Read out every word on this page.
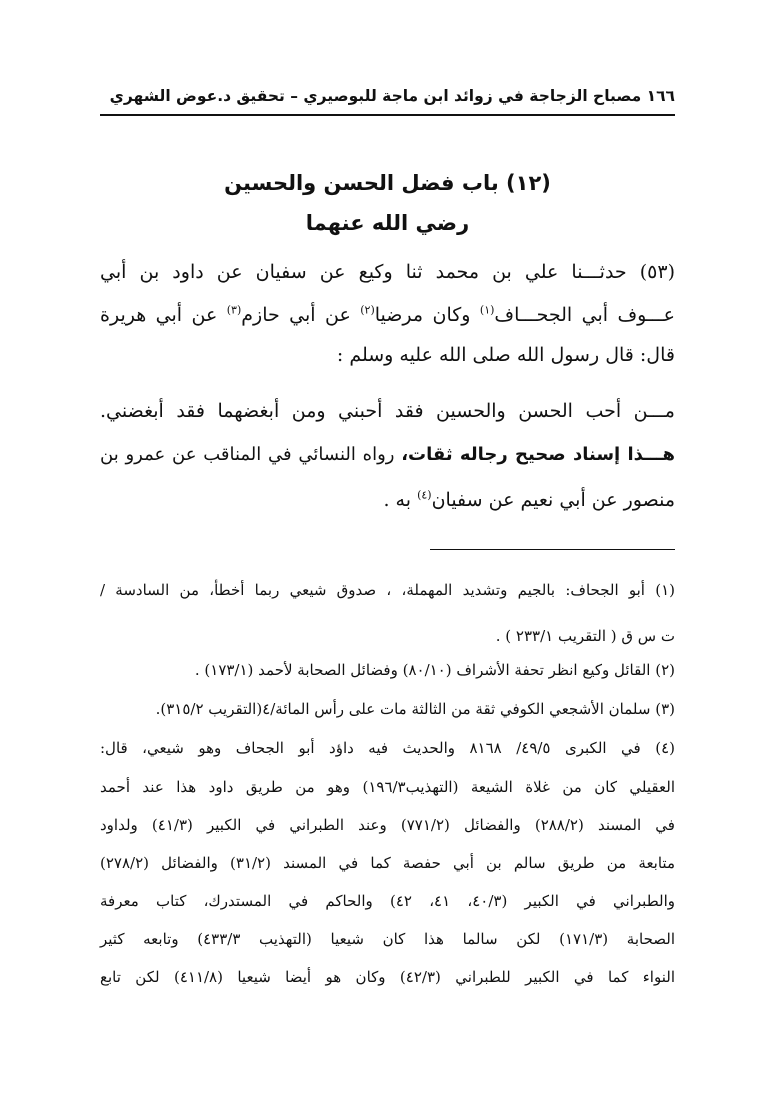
١٦٦ مصباح الزجاجة في زوائد ابن ماجة للبوصيري – تحقيق د.عوض الشهري
(١٢) باب فضل الحسن والحسين
رضي الله عنهما
(٥٣) حدثـــنا علي بن محمد ثنا وكيع عن سفيان عن داود بن أبي
عـــوف أبي الجحـــاف$^{(١)}$ وكان مرضيا$^{(٢)}$ عن أبي حازم$^{(٣)}$ عن أبي هريرة
قال: قال رسول الله صلى الله عليه وسلم :
مـــن أحب الحسن والحسين فقد أحبني ومن أبغضهما فقد أبغضني.
هـــذا إسناد صحيح رجاله ثقات، رواه النسائي في المناقب عن عمرو بن
منصور عن أبي نعيم عن سفيان$^{(٤)}$ به .
(١) أبو الجحاف: بالجيم وتشديد المهملة، ، صدوق شيعي ربما أخطأ، من السادسة /
ت س ق ( التقريب ٢٣٣/١ ) .
(٢) القائل وكيع انظر تحفة الأشراف (٨٠/١٠) وفضائل الصحابة لأحمد (١٧٣/١) .
(٣) سلمان الأشجعي الكوفي ثقة من الثالثة مات على رأس المائة/٤(التقريب ٣١٥/٢).
(٤) في الكبرى ٤٩/٥/ ٨١٦٨ والحديث فيه داؤد أبو الجحاف وهو شيعي، قال:
العقيلي كان من غلاة الشيعة (التهذيب١٩٦/٣) وهو من طريق داود هذا عند أحمد
في المسند (٢٨٨/٢) والفضائل (٧٧١/٢) وعند الطبراني في الكبير (٤١/٣) ولداود
متابعة من طريق سالم بن أبي حفصة كما في المسند (٣١/٢) والفضائل (٢٧٨/٢)
والطبراني في الكبير (٤٠/٣، ٤١، ٤٢) والحاكم في المستدرك، كتاب معرفة
الصحابة (١٧١/٣) لكن سالما هذا كان شيعيا (التهذيب ٤٣٣/٣) وتابعه كثير
النواء كما في الكبير للطبراني (٤٢/٣) وكان هو أيضا شيعيا (٤١١/٨) لكن تابع
